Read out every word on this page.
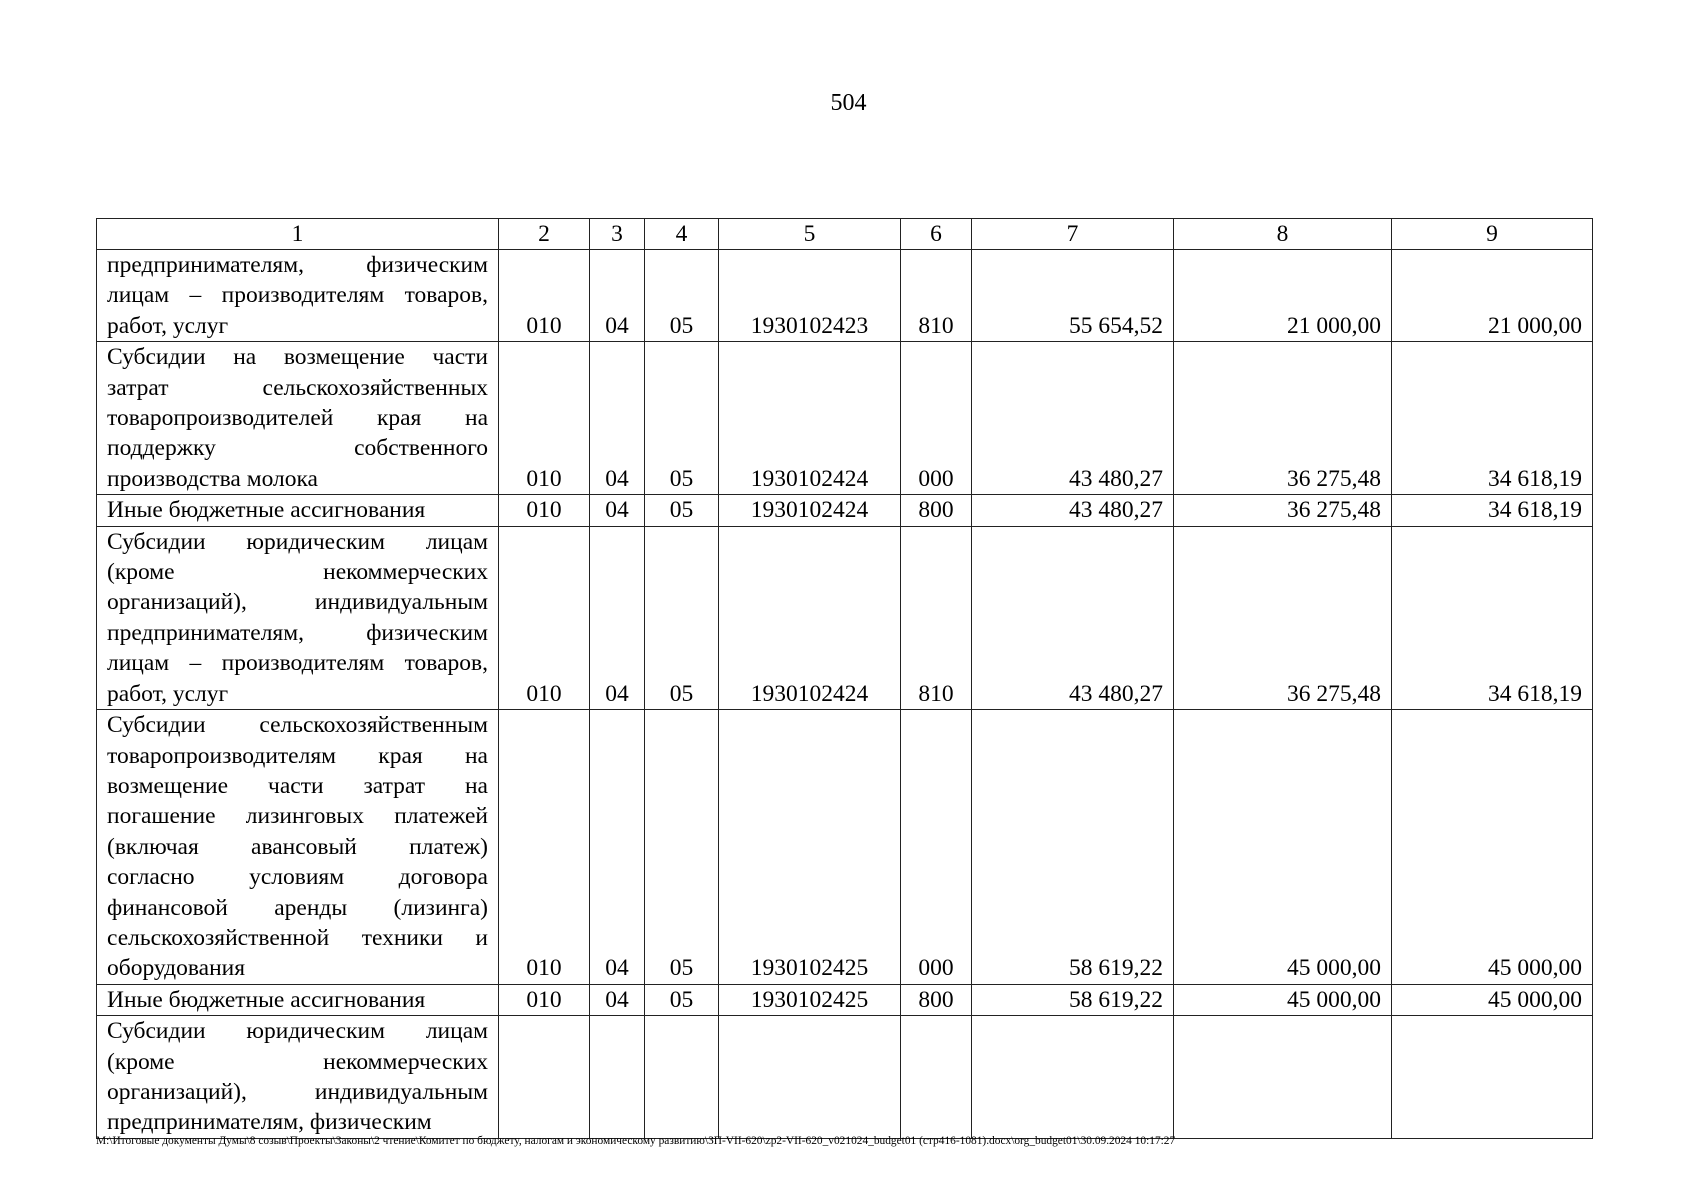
504
1	2	3	4	5	6	7	8	9
предпринимателям, физическим лицам – производителям товаров, работ, услуг	010	04	05	1930102423	810	55 654,52	21 000,00	21 000,00
Субсидии на возмещение части затрат сельскохозяйственных товаропроизводителей края на поддержку собственного производства молока	010	04	05	1930102424	000	43 480,27	36 275,48	34 618,19
Иные бюджетные ассигнования	010	04	05	1930102424	800	43 480,27	36 275,48	34 618,19
Субсидии юридическим лицам (кроме некоммерческих организаций), индивидуальным предпринимателям, физическим лицам – производителям товаров, работ, услуг	010	04	05	1930102424	810	43 480,27	36 275,48	34 618,19
Субсидии сельскохозяйственным товаропроизводителям края на возмещение части затрат на погашение лизинговых платежей (включая авансовый платеж) согласно условиям договора финансовой аренды (лизинга) сельскохозяйственной техники и оборудования	010	04	05	1930102425	000	58 619,22	45 000,00	45 000,00
Иные бюджетные ассигнования	010	04	05	1930102425	800	58 619,22	45 000,00	45 000,00
Субсидии юридическим лицам (кроме некоммерческих организаций), индивидуальным предпринимателям, физическим								
M:\Итоговые документы Думы\8 созыв\Проекты\Законы\2 чтение\Комитет по бюджету, налогам и экономическому развитию\ЗП-VII-620\zp2-VII-620_v021024_budget01 (стр416-1081).docx\org_budget01\30.09.2024 10:17:27
